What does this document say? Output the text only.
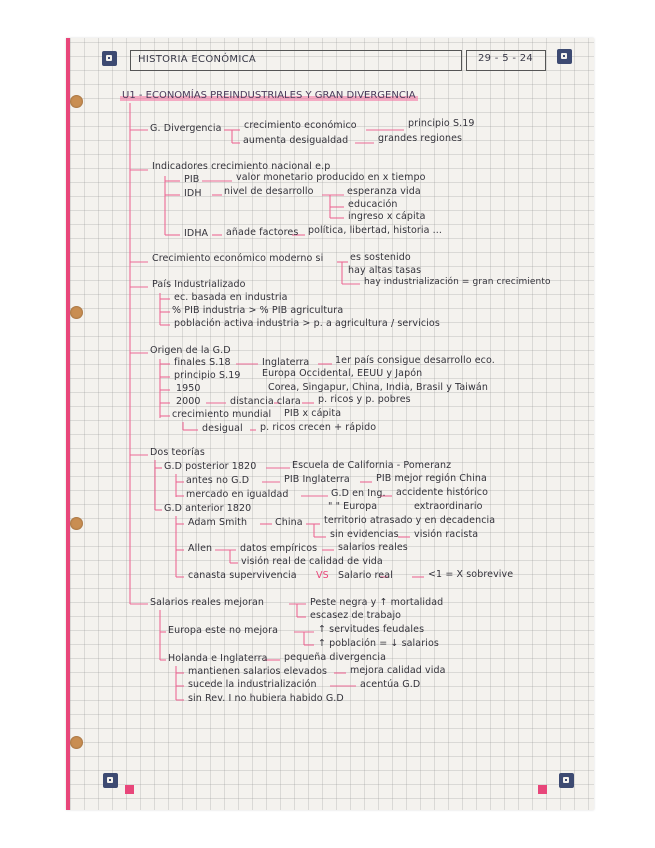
HISTORIA ECONÓMICA	29 - 5 - 24
U1 - ECONOMÍAS PREINDUSTRIALES Y GRAN DIVERGENCIA
G. Divergencia crecimiento económico	principio S.19
aumenta desigualdad	grandes regiones
Indicadores crecimiento nacional e.p
PIB	valor monetario producido en x tiempo
IDH nivel de desarrollo	esperanza vida
educación
ingreso x cápita
IDHA añade factores política, libertad, historia ...
Crecimiento económico moderno si	es sostenido
hay altas tasas
hay industrialización = gran crecimiento
País Industrializado
ec. basada en industria
% PIB industria > % PIB agricultura
población activa industria > p. a agricultura / servicios
Origen de la G.D
finales S.18	Inglaterra	1er país consigue desarrollo eco.
principio S.19 Europa Occidental, EEUU y Japón
1950	Corea, Singapur, China, India, Brasil y Taiwán
2000	distancia clara p. ricos y p. pobres
crecimiento mundial PIB x cápita
desigual p. ricos crecen + rápido
Dos teorías
G.D posterior 1820	Escuela de California - Pomeranz
antes no G.D	PIB Inglaterra	PIB mejor región China
mercado en igualdad	G.D en Ing. accidente histórico
G.D anterior 1820	" " Europa	extraordinario
Adam Smith	China territorio atrasado y en decadencia
sin evidencias visión racista
Allen	datos empíricos salarios reales
visión real de calidad de vida
canasta supervivencia VS Salario real	<1 = X sobrevive
Salarios reales mejoran	Peste negra y ↑ mortalidad
escasez de trabajo
Europa este no mejora	↑ servitudes feudales
↑ población = ↓ salarios
Holanda e Inglaterra pequeña divergencia
mantienen salarios elevados mejora calidad vida
sucede la industrialización	acentúa G.D
sin Rev. I no hubiera habido G.D
